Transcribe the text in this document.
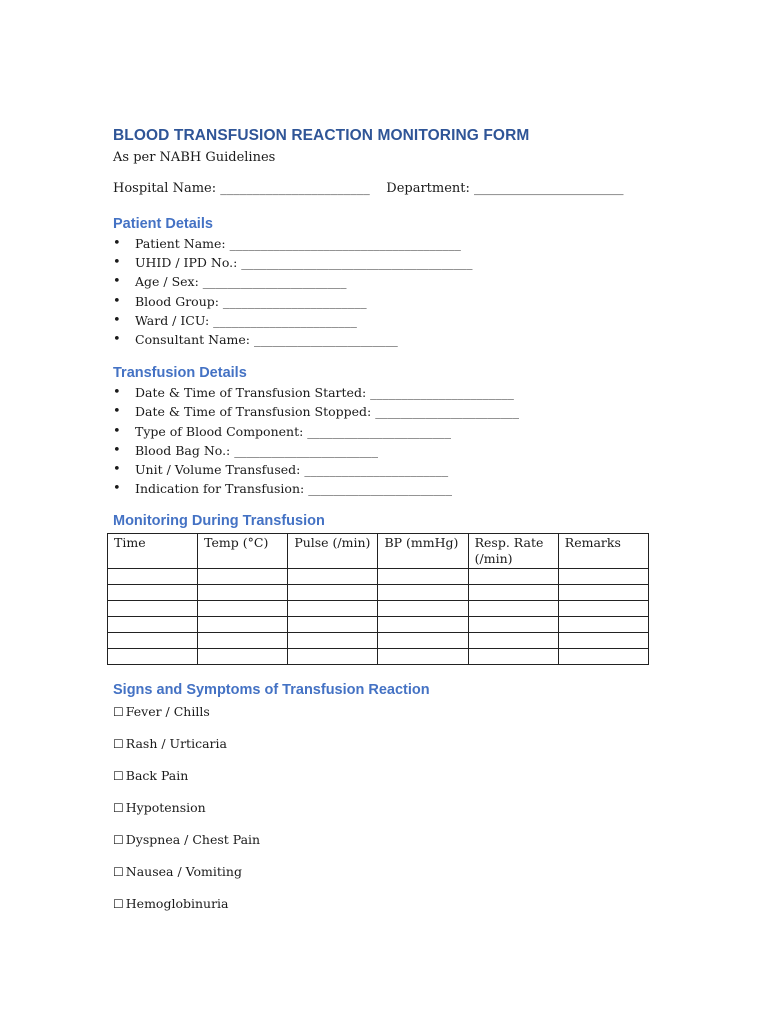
BLOOD TRANSFUSION REACTION MONITORING FORM
As per NABH Guidelines
Hospital Name: _______________________ Department: _______________________
Patient Details
• Patient Name: _____________________________________
• UHID / IPD No.: _____________________________________
• Age / Sex: _______________________
• Blood Group: _______________________
• Ward / ICU: _______________________
• Consultant Name: _______________________
Transfusion Details
• Date & Time of Transfusion Started: _______________________
• Date & Time of Transfusion Stopped: _______________________
• Type of Blood Component: _______________________
• Blood Bag No.: _______________________
• Unit / Volume Transfused: _______________________
• Indication for Transfusion: _______________________
Monitoring During Transfusion
Time	Temp (°C)	Pulse (/min)	BP (mmHg)	Resp. Rate (/min)	Remarks

Signs and Symptoms of Transfusion Reaction
☐ Fever / Chills
☐ Rash / Urticaria
☐ Back Pain
☐ Hypotension
☐ Dyspnea / Chest Pain
☐ Nausea / Vomiting
☐ Hemoglobinuria
